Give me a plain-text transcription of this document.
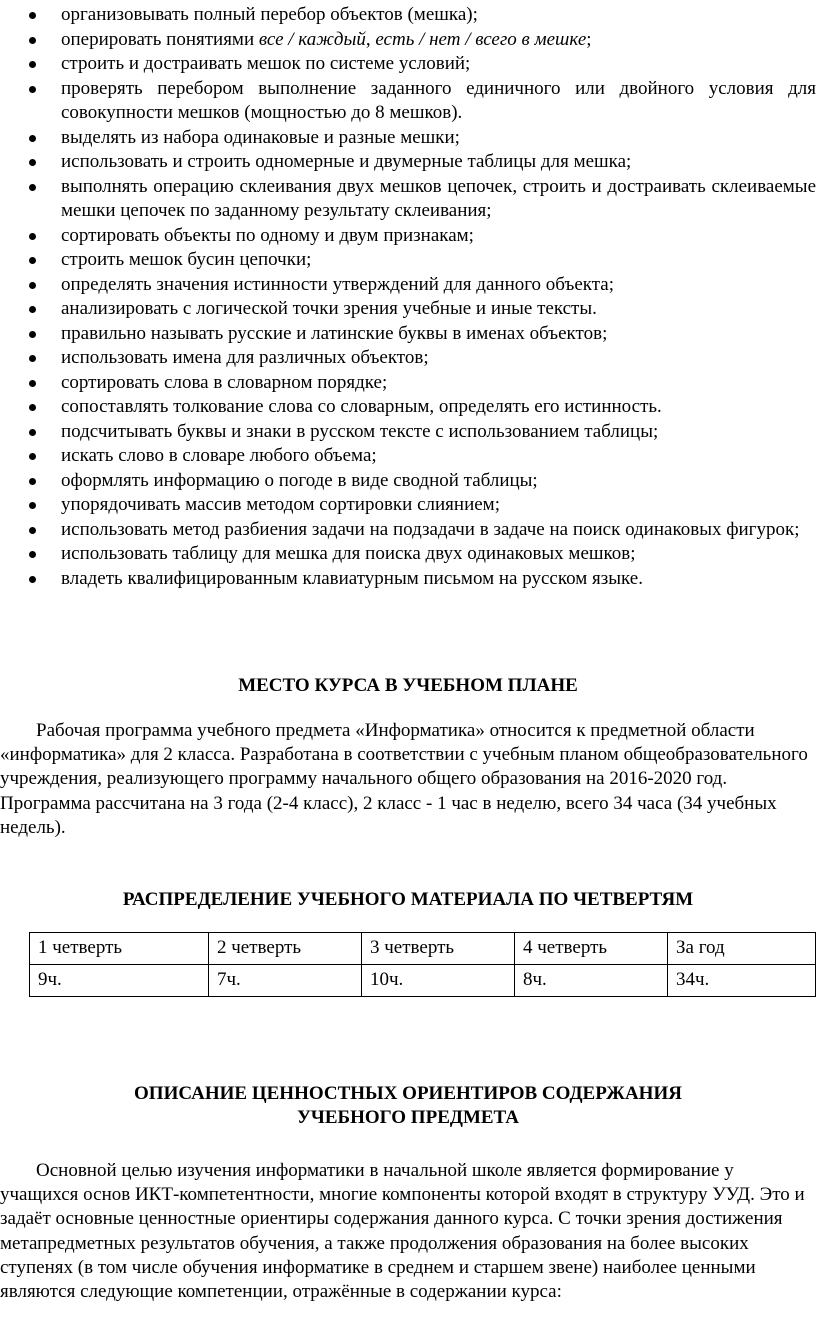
организовывать полный перебор объектов (мешка);
оперировать понятиями все / каждый, есть / нет / всего в мешке;
строить и достраивать мешок по системе условий;
проверять перебором выполнение заданного единичного или двойного условия для совокупности мешков (мощностью до 8 мешков).
выделять из набора одинаковые и разные мешки;
использовать и строить одномерные и двумерные таблицы для мешка;
выполнять операцию склеивания двух мешков цепочек, строить и достраивать склеиваемые мешки цепочек по заданному результату склеивания;
сортировать объекты по одному и двум признакам;
строить мешок бусин цепочки;
определять значения истинности утверждений для данного объекта;
анализировать с логической точки зрения учебные и иные тексты.
правильно называть русские и латинские буквы в именах объектов;
использовать имена для различных объектов;
сортировать слова в словарном порядке;
сопоставлять толкование слова со словарным, определять его истинность.
подсчитывать буквы и знаки в русском тексте с использованием таблицы;
искать слово в словаре любого объема;
оформлять информацию о погоде в виде сводной таблицы;
упорядочивать массив методом сортировки слиянием;
использовать метод разбиения задачи на подзадачи в задаче на поиск одинаковых фигурок;
использовать таблицу для мешка для поиска двух одинаковых мешков;
владеть квалифицированным клавиатурным письмом на русском языке.
МЕСТО КУРСА В УЧЕБНОМ ПЛАНЕ
Рабочая программа учебного предмета «Информатика» относится к предметной области «информатика» для 2 класса. Разработана в соответствии с учебным планом общеобразовательного учреждения, реализующего программу начального общего образования на 2016-2020 год. Программа рассчитана на 3 года (2-4 класс), 2 класс - 1 час в неделю, всего 34 часа (34 учебных недель).
РАСПРЕДЕЛЕНИЕ УЧЕБНОГО МАТЕРИАЛА ПО ЧЕТВЕРТЯМ
1 четверть	2 четверть	3 четверть	4 четверть	За год
9ч.	7ч.	10ч.	8ч.	34ч.
ОПИСАНИЕ ЦЕННОСТНЫХ ОРИЕНТИРОВ СОДЕРЖАНИЯ
УЧЕБНОГО ПРЕДМЕТА
Основной целью изучения информатики в начальной школе является формирование у учащихся основ ИКТ-компетентности, многие компоненты которой входят в структуру УУД. Это и задаёт основные ценностные ориентиры содержания данного курса. С точки зрения достижения метапредметных результатов обучения, а также продолжения образования на более высоких ступенях (в том числе обучения информатике в среднем и старшем звене) наиболее ценными являются следующие компетенции, отражённые в содержании курса:
